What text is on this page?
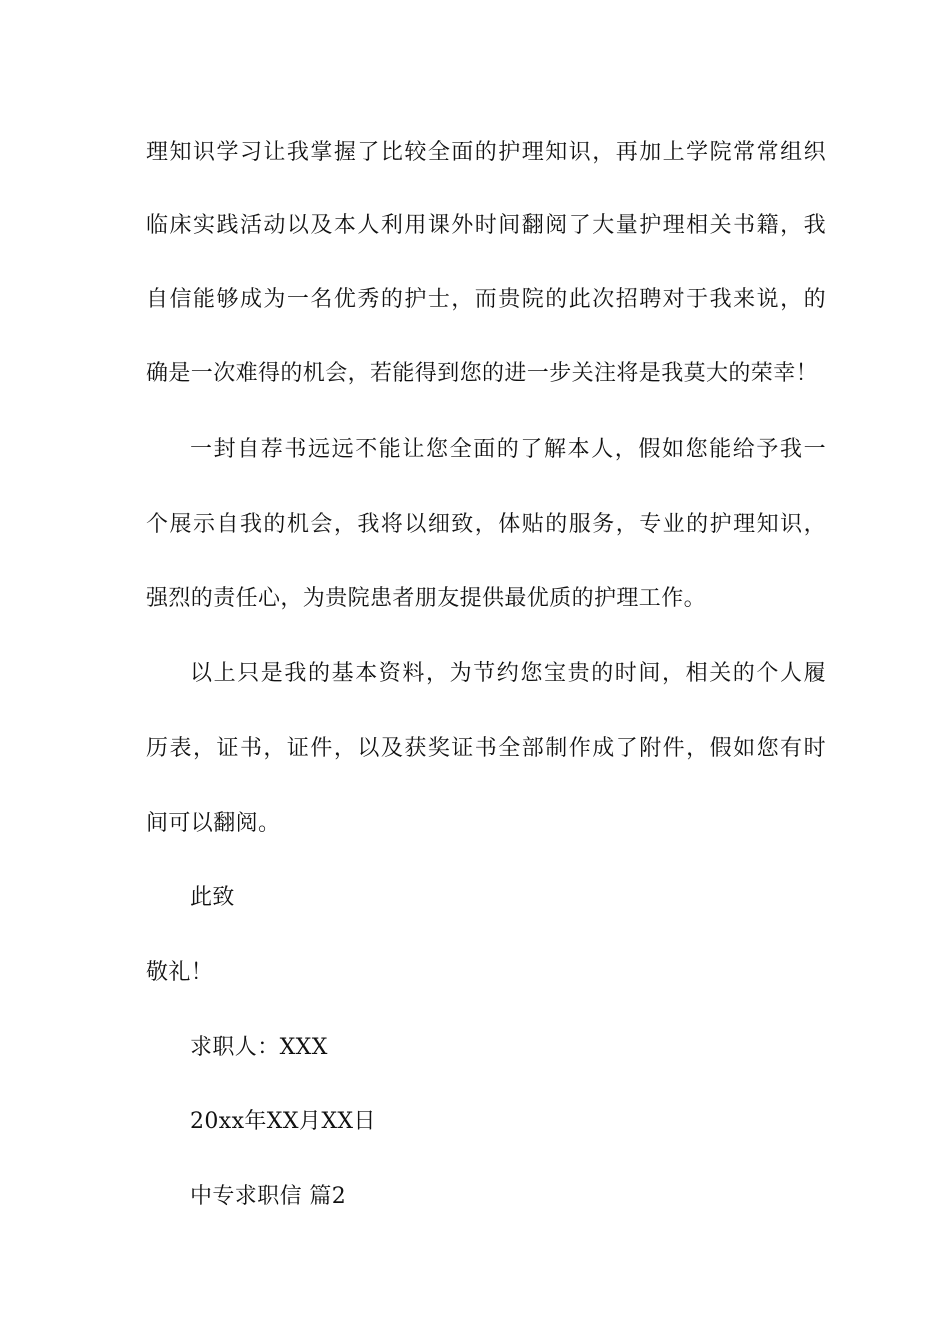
理知识学习让我掌握了比较全面的护理知识，再加上学院常常组织
临床实践活动以及本人利用课外时间翻阅了大量护理相关书籍，我
自信能够成为一名优秀的护士，而贵院的此次招聘对于我来说，的
确是一次难得的机会，若能得到您的进一步关注将是我莫大的荣幸！
一封自荐书远远不能让您全面的了解本人，假如您能给予我一
个展示自我的机会，我将以细致，体贴的服务，专业的护理知识，
强烈的责任心，为贵院患者朋友提供最优质的护理工作。
以上只是我的基本资料，为节约您宝贵的时间，相关的个人履
历表，证书，证件，以及获奖证书全部制作成了附件，假如您有时
间可以翻阅。
此致
敬礼！
求职人：XXX
20xx年XX月XX日
中专求职信 篇2
